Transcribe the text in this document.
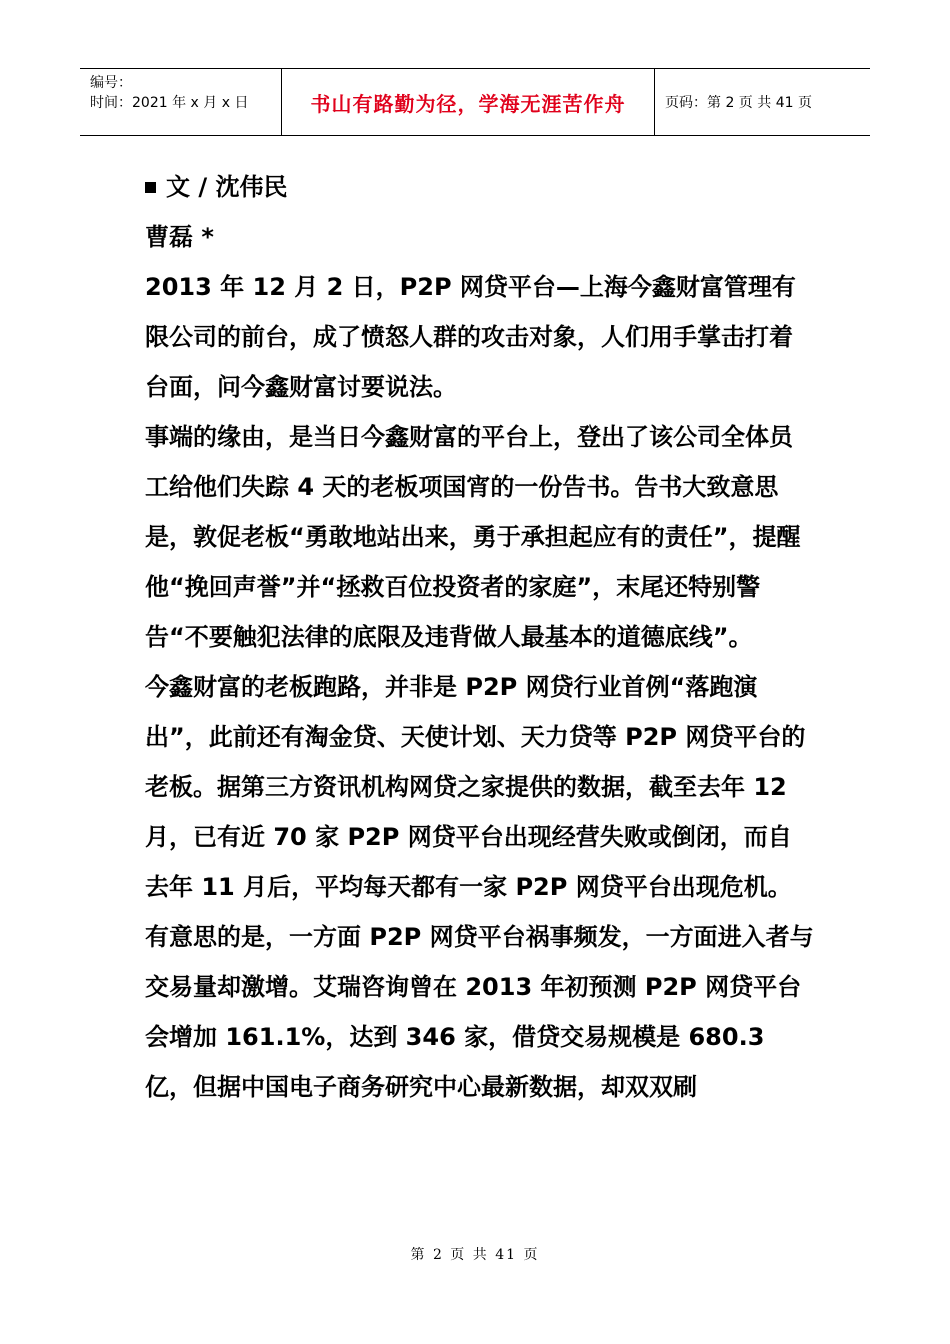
编号：
时间：2021 年 x 月 x 日	书山有路勤为径，学海无涯苦作舟	页码：第 2 页 共 41 页

文 / 沈伟民

曹磊 *

2013 年 12 月 2 日，P2P 网贷平台—上海今鑫财富管理有限公司的前台，成了愤怒人群的攻击对象，人们用手掌击打着台面，问今鑫财富讨要说法。

事端的缘由，是当日今鑫财富的平台上，登出了该公司全体员工给他们失踪 4 天的老板项国宵的一份告书。告书大致意思是，敦促老板“勇敢地站出来，勇于承担起应有的责任”，提醒他“挽回声誉”并“拯救百位投资者的家庭”，末尾还特别警告“不要触犯法律的底限及违背做人最基本的道德底线”。

今鑫财富的老板跑路，并非是 P2P 网贷行业首例“落跑演出”，此前还有淘金贷、天使计划、天力贷等 P2P 网贷平台的老板。据第三方资讯机构网贷之家提供的数据，截至去年 12 月，已有近 70 家 P2P 网贷平台出现经营失败或倒闭，而自去年 11 月后，平均每天都有一家 P2P 网贷平台出现危机。

有意思的是，一方面 P2P 网贷平台祸事频发，一方面进入者与交易量却激增。艾瑞咨询曾在 2013 年初预测 P2P 网贷平台会增加 161.1%，达到 346 家，借贷交易规模是 680.3 亿，但据中国电子商务研究中心最新数据，却双双刷

第 2 页 共 41 页
